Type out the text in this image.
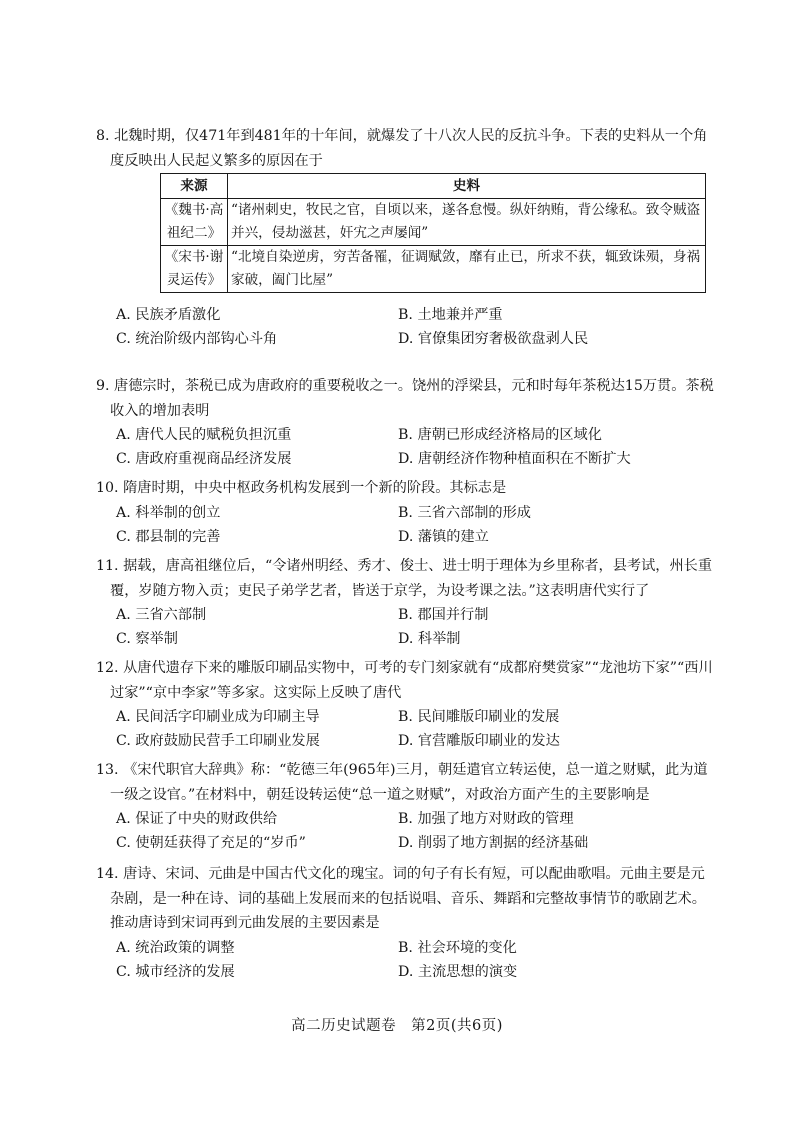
8. 北魏时期，仅471年到481年的十年间，就爆发了十八次人民的反抗斗争。下表的史料从一个角度反映出人民起义繁多的原因在于
来源	史料
《魏书·高祖纪二》	“诸州刺史，牧民之官，自顷以来，遂各怠慢。纵奸纳贿，背公缘私。致令贼盗并兴，侵劫滋甚，奸宄之声屡闻”
《宋书·谢灵运传》	“北境自染逆虏，穷苦备罹，征调赋敛，靡有止已，所求不获，辄致诛殒，身祸家破，阖门比屋”
A. 民族矛盾激化	B. 土地兼并严重
C. 统治阶级内部钩心斗角	D. 官僚集团穷奢极欲盘剥人民
9. 唐德宗时，茶税已成为唐政府的重要税收之一。饶州的浮梁县，元和时每年茶税达15万贯。茶税收入的增加表明
A. 唐代人民的赋税负担沉重	B. 唐朝已形成经济格局的区域化
C. 唐政府重视商品经济发展	D. 唐朝经济作物种植面积在不断扩大
10. 隋唐时期，中央中枢政务机构发展到一个新的阶段。其标志是
A. 科举制的创立	B. 三省六部制的形成
C. 郡县制的完善	D. 藩镇的建立
11. 据载，唐高祖继位后，“令诸州明经、秀才、俊士、进士明于理体为乡里称者，县考试，州长重覆，岁随方物入贡；吏民子弟学艺者，皆送于京学，为设考课之法。”这表明唐代实行了
A. 三省六部制	B. 郡国并行制
C. 察举制	D. 科举制
12. 从唐代遗存下来的雕版印刷品实物中，可考的专门刻家就有“成都府樊赏家”“龙池坊下家”“西川过家”“京中李家”等多家。这实际上反映了唐代
A. 民间活字印刷业成为印刷主导	B. 民间雕版印刷业的发展
C. 政府鼓励民营手工印刷业发展	D. 官营雕版印刷业的发达
13. 《宋代职官大辞典》称：“乾德三年(965年)三月，朝廷遣官立转运使，总一道之财赋，此为道一级之设官。”在材料中，朝廷设转运使“总一道之财赋”，对政治方面产生的主要影响是
A. 保证了中央的财政供给	B. 加强了地方对财政的管理
C. 使朝廷获得了充足的“岁币”	D. 削弱了地方割据的经济基础
14. 唐诗、宋词、元曲是中国古代文化的瑰宝。词的句子有长有短，可以配曲歌唱。元曲主要是元杂剧，是一种在诗、词的基础上发展而来的包括说唱、音乐、舞蹈和完整故事情节的歌剧艺术。推动唐诗到宋词再到元曲发展的主要因素是
A. 统治政策的调整	B. 社会环境的变化
C. 城市经济的发展	D. 主流思想的演变
高二历史试题卷　第2页(共6页)
